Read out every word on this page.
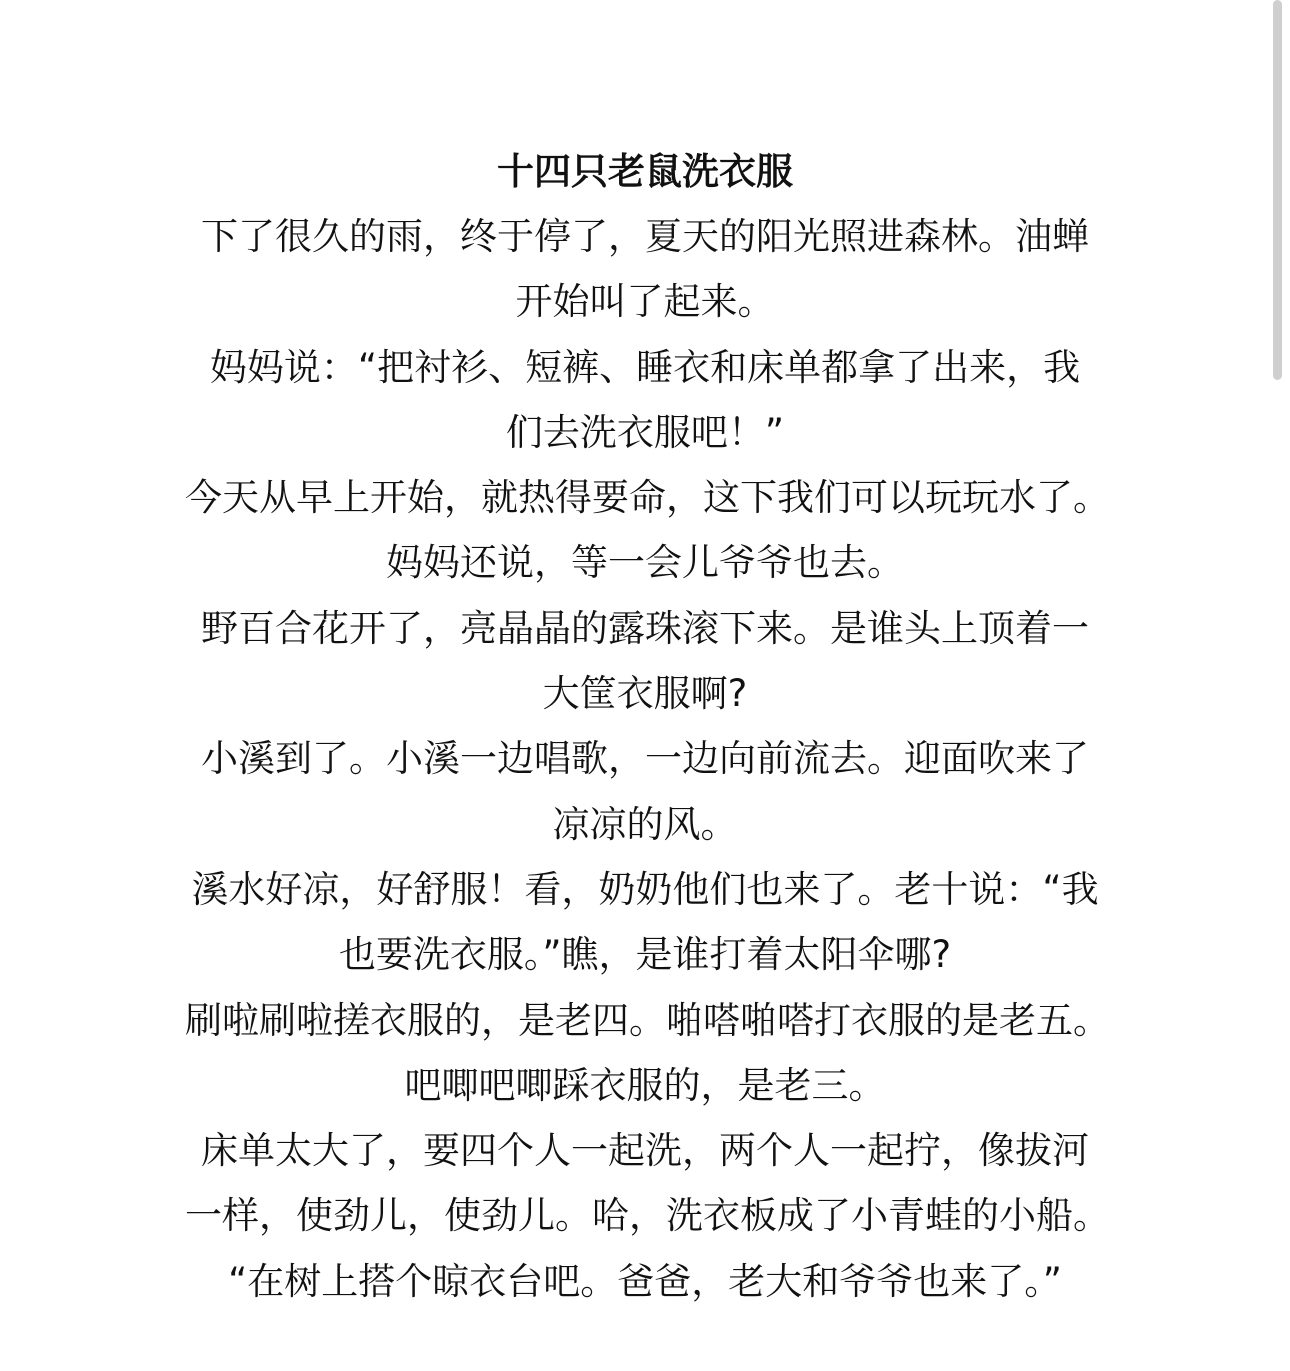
十四只老鼠洗衣服

下了很久的雨，终于停了，夏天的阳光照进森林。油蝉
开始叫了起来。

妈妈说：“把衬衫、短裤、睡衣和床单都拿了出来，我
们去洗衣服吧！”

今天从早上开始，就热得要命，这下我们可以玩玩水了。
妈妈还说，等一会儿爷爷也去。

野百合花开了，亮晶晶的露珠滚下来。是谁头上顶着一
大筐衣服啊?

小溪到了。小溪一边唱歌，一边向前流去。迎面吹来了
凉凉的风。

溪水好凉，好舒服！看，奶奶他们也来了。老十说：“我
也要洗衣服。”瞧，是谁打着太阳伞哪?

刷啦刷啦搓衣服的，是老四。啪嗒啪嗒打衣服的是老五。
吧唧吧唧踩衣服的，是老三。

床单太大了，要四个人一起洗，两个人一起拧，像拔河
一样，使劲儿，使劲儿。哈，洗衣板成了小青蛙的小船。
“在树上搭个晾衣台吧。爸爸，老大和爷爷也来了。”
